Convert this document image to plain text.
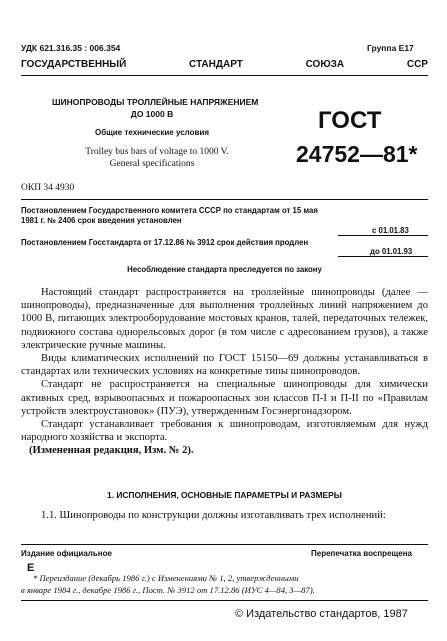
УДК 621.316.35 : 006.354	Группа Е17
ГОСУДАРСТВЕННЫЙ	СТАНДАРТ	СОЮЗА	ССР
ШИНОПРОВОДЫ ТРОЛЛЕЙНЫЕ НАПРЯЖЕНИЕМ
ДО 1000 В
Общие технические условия
Trolley bus bars of voltage to 1000 V.
General specifications
ГОСТ
24752—81*
ОКП 34 4930
Постановлением Государственного комитета СССР по стандартам от 15 мая
1981 г. № 2406 срок введения установлен
с 01.01.83
Постановлением Госстандарта от 17.12.86 № 3912 срок действия продлен
до 01.01.93
Несоблюдение стандарта преследуется по закону

Настоящий стандарт распространяется на троллейные шинопроводы (далее — шинопроводы), предназначенные для выполнения троллейных линий напряжением до 1000 В, питающих электрооборудование мостовых кранов, талей, передаточных тележек, подвижного состава однорельсовых дорог (в том числе с адресованием грузов), а также электрические ручные машины.

Виды климатических исполнений по ГОСТ 15150—69 должны устанавливаться в стандартах или технических условиях на конкретные типы шинопроводов.

Стандарт не распространяется на специальные шинопроводы для химически активных сред, взрывоопасных и пожароопасных зон классов П-I и П-II по «Правилам устройств электроустановок» (ПУЭ), утвержденным Госэнергонадзором.

Стандарт устанавливает требования к шинопроводам, изготовляемым для нужд народного хозяйства и экспорта.

(Измененная редакция, Изм. № 2).

1. ИСПОЛНЕНИЯ, ОСНОВНЫЕ ПАРАМЕТРЫ И РАЗМЕРЫ

1.1. Шинопроводы по конструкции должны изготавливать трех исполнений:

Издание официальное	Перепечатка воспрещена
Е
* Переиздание (декабрь 1986 г.) с Изменениями № 1, 2, утвержденными
в январе 1984 г., декабре 1986 г., Пост. № 3912 от 17.12.86 (ИУС 4—84, 3—87).
© Издательство стандартов, 1987
